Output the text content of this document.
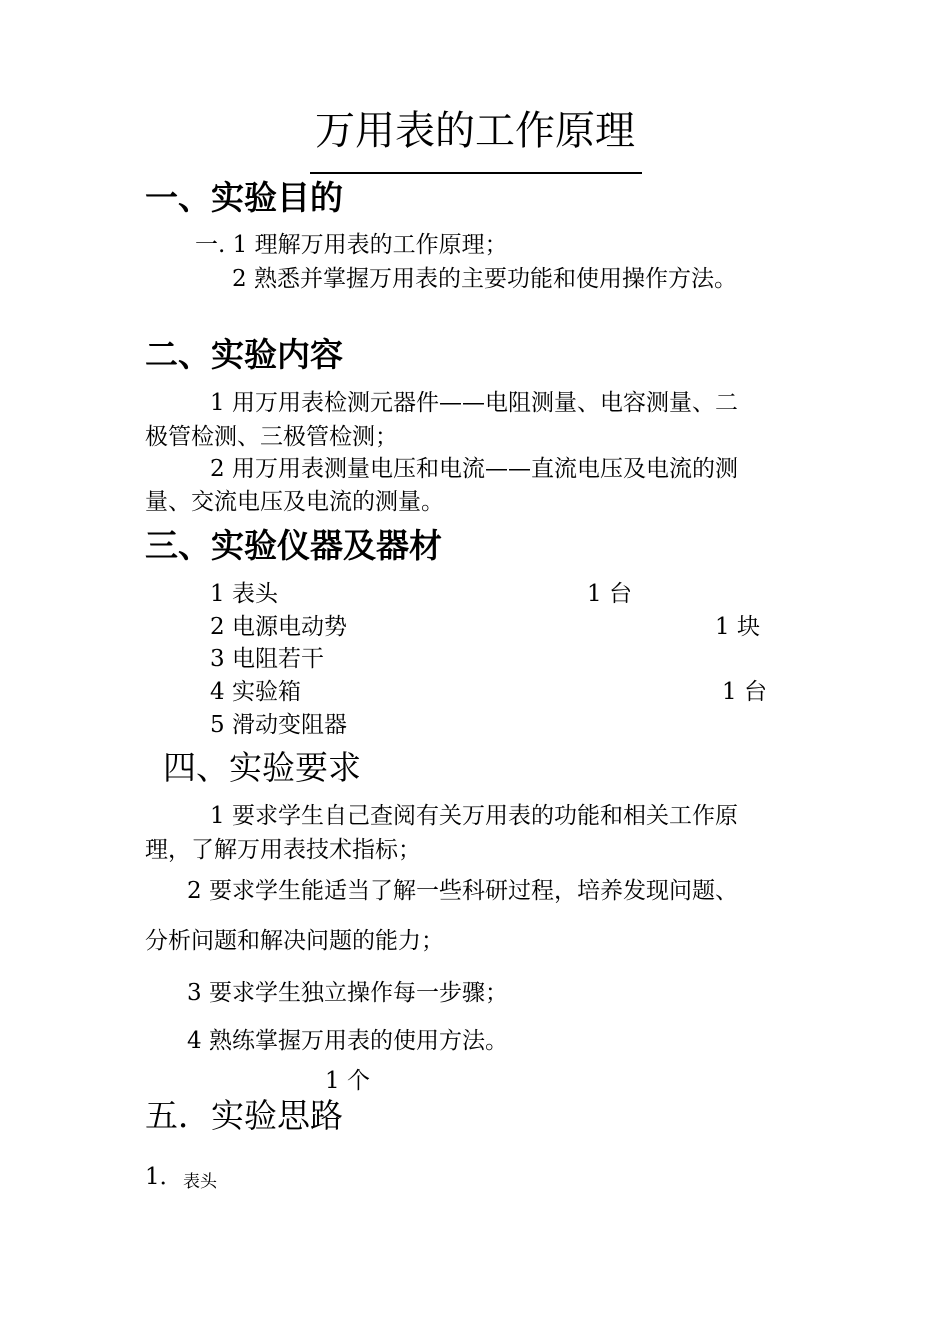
万用表的工作原理
一、实验目的
一. 1 理解万用表的工作原理；
2 熟悉并掌握万用表的主要功能和使用操作方法。
二、实验内容
1 用万用表检测元器件——电阻测量、电容测量、二
极管检测、三极管检测；
2 用万用表测量电压和电流——直流电压及电流的测
量、交流电压及电流的测量。
三、实验仪器及器材
1 表头	1 台
2 电源电动势	1 块
3 电阻若干
4 实验箱	1 台
5 滑动变阻器
四、实验要求
1 要求学生自己查阅有关万用表的功能和相关工作原
理，了解万用表技术指标；
2 要求学生能适当了解一些科研过程，培养发现问题、
分析问题和解决问题的能力；
3 要求学生独立操作每一步骤；
4 熟练掌握万用表的使用方法。
1 个
五．实验思路
1． 表头
